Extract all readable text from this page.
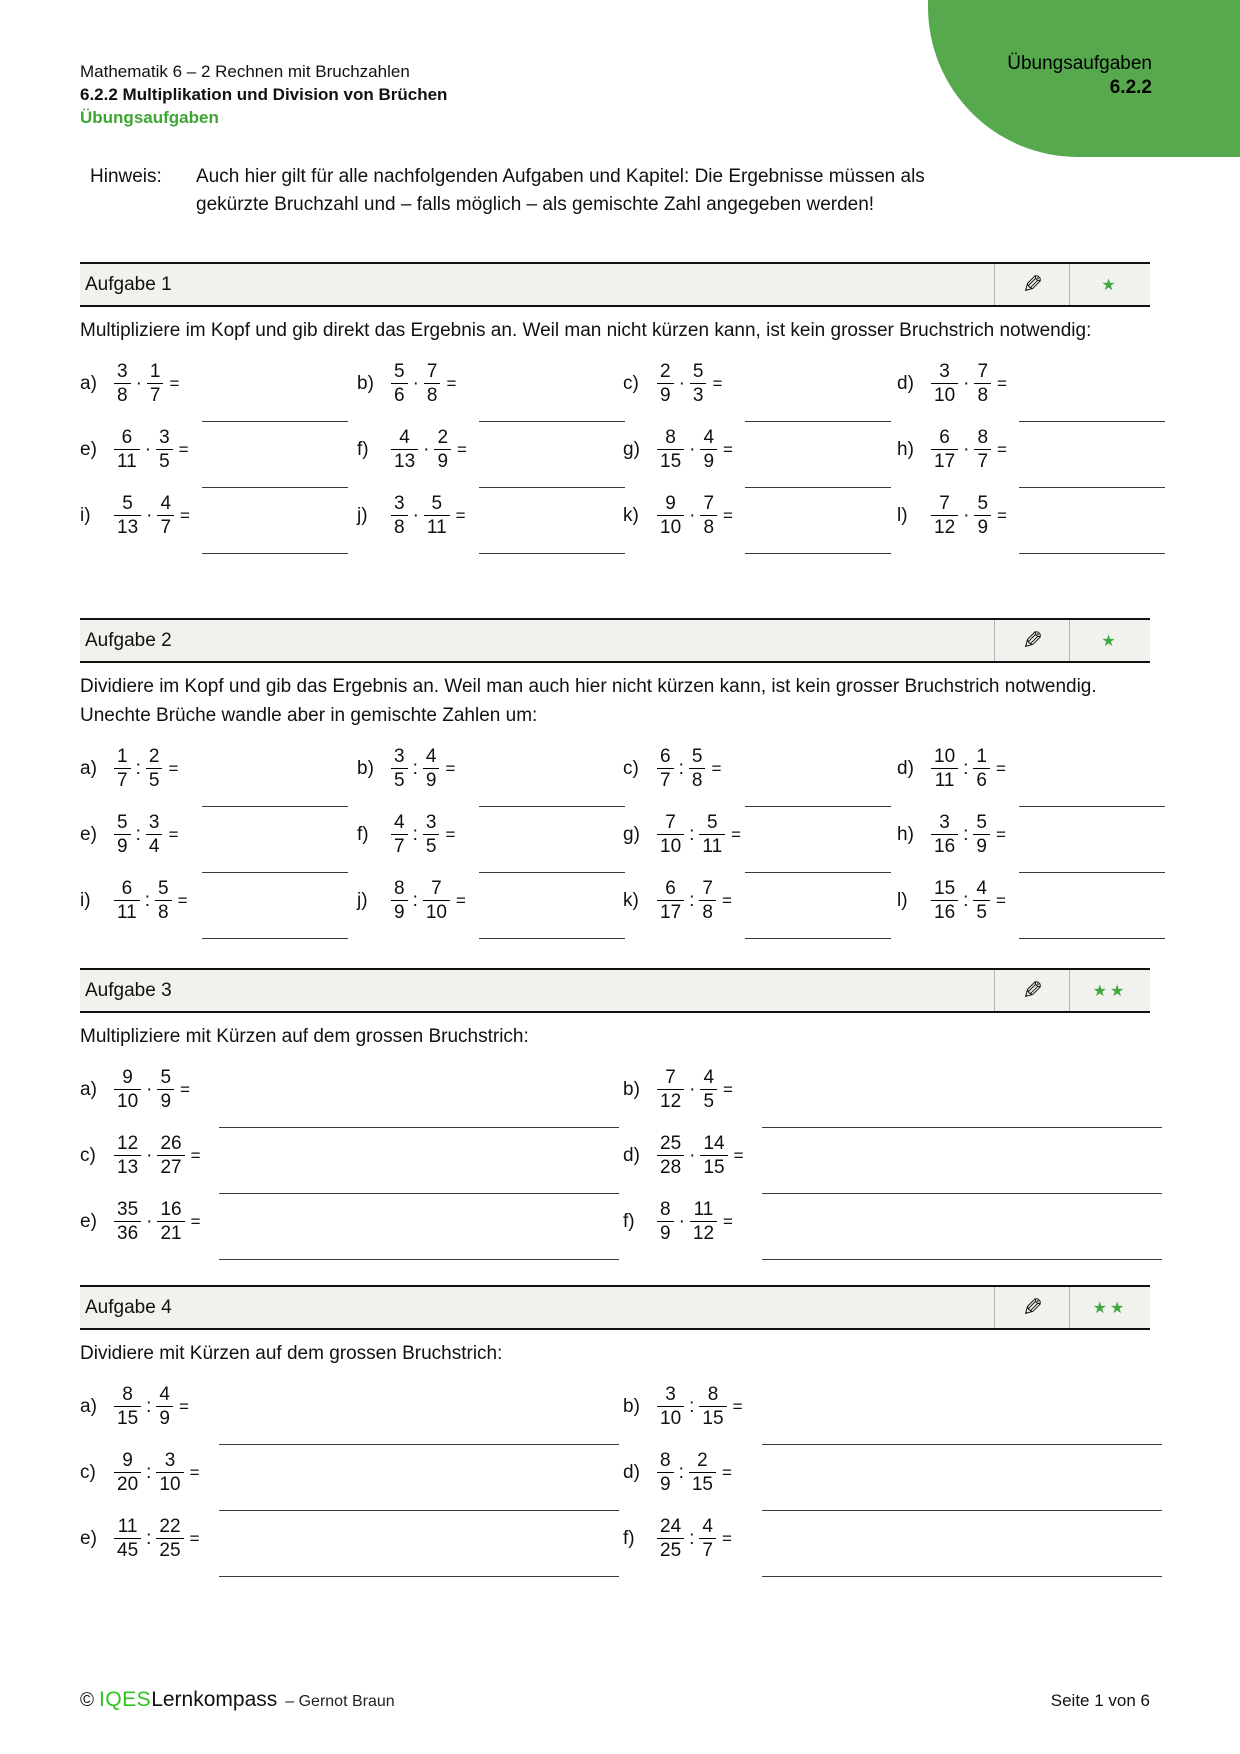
Übungsaufgaben
6.2.2
Mathematik 6 – 2 Rechnen mit Bruchzahlen
6.2.2 Multiplikation und Division von Brüchen
Übungsaufgaben
Hinweis:	Auch hier gilt für alle nachfolgenden Aufgaben und Kapitel: Die Ergebnisse müssen als gekürzte Bruchzahl und – falls möglich – als gemischte Zahl angegeben werden!
Aufgabe 1	✎	★
Multipliziere im Kopf und gib direkt das Ergebnis an. Weil man nicht kürzen kann, ist kein grosser Bruchstrich notwendig:
$a) \frac{3}{8} \cdot \frac{1}{7}$ =	$b) \frac{5}{6} \cdot \frac{7}{8}$ =	$c) \frac{2}{9} \cdot \frac{5}{3}$ =	$d) \frac{3}{10} \cdot \frac{7}{8}$ =
$e) \frac{6}{11} \cdot \frac{3}{5}$ =	f)	$\frac{4}{13} \cdot \frac{2}{9}$ =	$g) \frac{8}{15} \cdot \frac{4}{9}$ =	$h) \frac{6}{17} \cdot \frac{8}{7}$ =
i)	$\frac{5}{13} \cdot \frac{4}{7}$ =	j)	$\frac{3}{8} \cdot \frac{5}{11}$ =	$k) \frac{9}{10} \cdot \frac{7}{8}$ =	l)	$\frac{7}{12} \cdot \frac{5}{9}$ =
Aufgabe 2	✎	★
Dividiere im Kopf und gib das Ergebnis an. Weil man auch hier nicht kürzen kann, ist kein grosser Bruchstrich notwendig. Unechte Brüche wandle aber in gemischte Zahlen um:
$a) \frac{1}{7}$ : $\frac{2}{5}$ =	$b) \frac{3}{5}$ : $\frac{4}{9}$ =	$c) \frac{6}{7}$ : $\frac{5}{8}$ =	$d) \frac{10}{11}$ : $\frac{1}{6}$ =
$e) \frac{5}{9}$ : $\frac{3}{4}$ =	f)	$\frac{4}{7}$ : $\frac{3}{5}$ =	$g) \frac{7}{10}$ : $\frac{5}{11}$ =	$h) \frac{3}{16}$ : $\frac{5}{9}$ =
i)	$\frac{6}{11}$ : $\frac{5}{8}$ =	j)	$\frac{8}{9}$ : $\frac{7}{10}$ =	$k) \frac{6}{17}$ : $\frac{7}{8}$ =	l)	$\frac{15}{16}$ : $\frac{4}{5}$ =
Aufgabe 3	✎	★ ★
Multipliziere mit Kürzen auf dem grossen Bruchstrich:
$a) \frac{9}{10} \cdot \frac{5}{9}$ =	$b) \frac{7}{12} \cdot \frac{4}{5}$ =
$c) \frac{12}{13} \cdot \frac{26}{27}$ =	$d) \frac{25}{28} \cdot \frac{14}{15}$ =
$e) \frac{35}{36} \cdot \frac{16}{21}$ =	f)	$\frac{8}{9} \cdot \frac{11}{12}$ =
Aufgabe 4	✎	★ ★
Dividiere mit Kürzen auf dem grossen Bruchstrich:
$a) \frac{8}{15}$ : $\frac{4}{9}$ =	$b) \frac{3}{10}$ : $\frac{8}{15}$ =
$c) \frac{9}{20}$ : $\frac{3}{10}$ =	$d) \frac{8}{9}$ : $\frac{2}{15}$ =
$e) \frac{11}{45}$ : $\frac{22}{25}$ =	f)	$\frac{24}{25}$ : $\frac{4}{7}$ =
© IQES Lernkompass – Gernot Braun	Seite 1 von 6
